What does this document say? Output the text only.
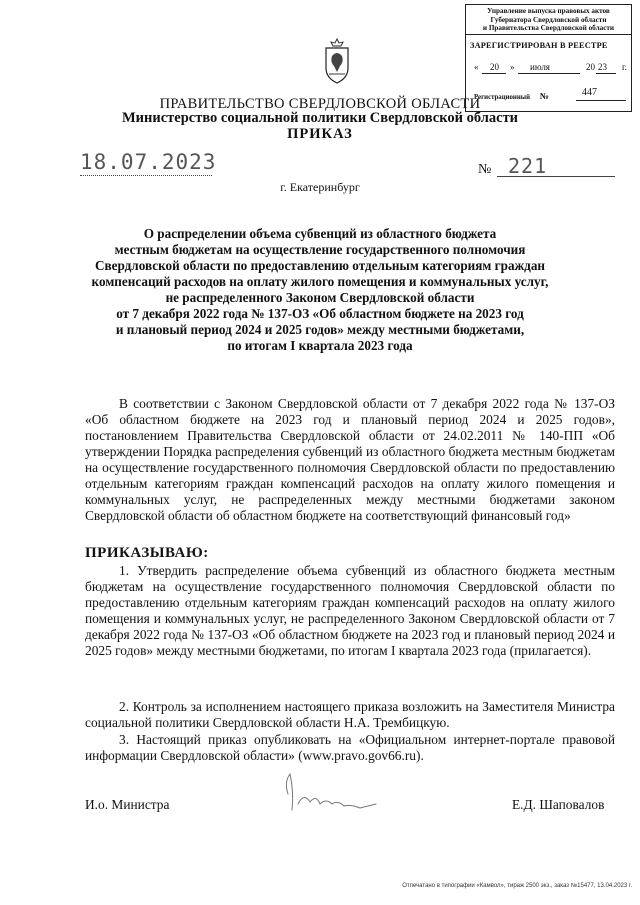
Управление выпуска правовых актов
Губернатора Свердловской области
и Правительства Свердловской области
ЗАРЕГИСТРИРОВАН В РЕЕСТРЕ
« 20 » июля	20 23 г.
Регистрационный №	447
ПРАВИТЕЛЬСТВО СВЕРДЛОВСКОЙ ОБЛАСТИ
Министерство социальной политики Свердловской области
ПРИКАЗ
18.07.2023	№ 221
г. Екатеринбург
О распределении объема субвенций из областного бюджета
местным бюджетам на осуществление государственного полномочия
Свердловской области по предоставлению отдельным категориям граждан
компенсаций расходов на оплату жилого помещения и коммунальных услуг,
не распределенного Законом Свердловской области
от 7 декабря 2022 года № 137-ОЗ «Об областном бюджете на 2023 год
и плановый период 2024 и 2025 годов» между местными бюджетами,
по итогам I квартала 2023 года
В соответствии с Законом Свердловской области от 7 декабря 2022 года № 137-ОЗ «Об областном бюджете на 2023 год и плановый период 2024 и 2025 годов», постановлением Правительства Свердловской области от 24.02.2011 № 140-ПП «Об утверждении Порядка распределения субвенций из областного бюджета местным бюджетам на осуществление государственного полномочия Свердловской области по предоставлению отдельным категориям граждан компенсаций расходов на оплату жилого помещения и коммунальных услуг, не распределенных между местными бюджетами законом Свердловской области об областном бюджете на соответствующий финансовый год»
ПРИКАЗЫВАЮ:
1. Утвердить распределение объема субвенций из областного бюджета местным бюджетам на осуществление государственного полномочия Свердловской области по предоставлению отдельным категориям граждан компенсаций расходов на оплату жилого помещения и коммунальных услуг, не распределенного Законом Свердловской области от 7 декабря 2022 года № 137-ОЗ «Об областном бюджете на 2023 год и плановый период 2024 и 2025 годов» между местными бюджетами, по итогам I квартала 2023 года (прилагается).
2. Контроль за исполнением настоящего приказа возложить на Заместителя Министра социальной политики Свердловской области Н.А. Трембицкую.
3. Настоящий приказ опубликовать на «Официальном интернет-портале правовой информации Свердловской области» (www.pravo.gov66.ru).
И.о. Министра	Е.Д. Шаповалов
Отпечатано в типографии «Камвол», тираж 2500 экз., заказ №15477, 13.04.2023 г.
